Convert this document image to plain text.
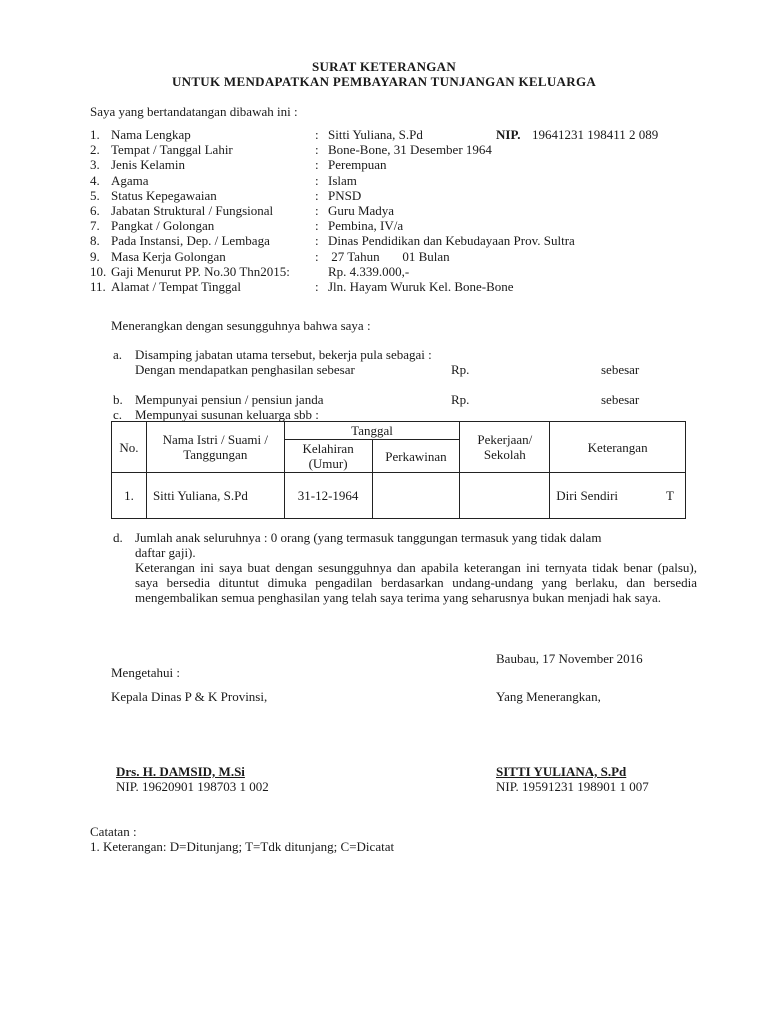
SURAT KETERANGAN
UNTUK MENDAPATKAN PEMBAYARAN TUNJANGAN KELUARGA
Saya yang bertandatangan dibawah ini :
1. Nama Lengkap	: Sitti Yuliana, S.Pd
2. Tempat / Tanggal Lahir	: Bone-Bone, 31 Desember 1964
3. Jenis Kelamin	: Perempuan
4. Agama	: Islam
5. Status Kepegawaian	: PNSD
6. Jabatan Struktural / Fungsional	: Guru Madya
7. Pangkat / Golongan	: Pembina, IV/a
8. Pada Instansi, Dep. / Lembaga	: Dinas Pendidikan dan Kebudayaan Prov. Sultra
9. Masa Kerja Golongan	: 27 Tahun       01 Bulan
10. Gaji Menurut PP. No.30 Thn2015:	Rp. 4.339.000,-
11. Alamat / Tempat Tinggal	: Jln. Hayam Wuruk Kel. Bone-Bone
NIP. 19641231 198411 2 089
Menerangkan dengan sesungguhnya bahwa saya :
a. Disamping jabatan utama tersebut, bekerja pula sebagai :
Dengan mendapatkan penghasilan sebesar	Rp.	sebesar
b. Mempunyai pensiun / pensiun janda	Rp.	sebesar
c. Mempunyai susunan keluarga sbb :
No.	Nama Istri / Suami / Tanggungan	Tanggal		Pekerjaan/ Sekolah	Keterangan
		Kelahiran (Umur)	Perkawinan		
1.	Sitti Yuliana, S.Pd	31-12-1964			Diri Sendiri T
d. Jumlah anak seluruhnya : 0 orang (yang termasuk tanggungan termasuk yang tidak dalam
daftar gaji).
Keterangan ini saya buat dengan sesungguhnya dan apabila keterangan ini ternyata tidak benar (palsu), saya bersedia dituntut dimuka pengadilan berdasarkan undang-undang yang berlaku, dan bersedia mengembalikan semua penghasilan yang telah saya terima yang seharusnya bukan menjadi hak saya.
Baubau, 17 November 2016
Mengetahui :
Kepala Dinas P & K Provinsi,	Yang Menerangkan,
Drs. H. DAMSID, M.Si
NIP. 19620901 198703 1 002
SITTI YULIANA, S.Pd
NIP. 19591231 198901 1 007
Catatan :
1. Keterangan: D=Ditunjang; T=Tdk ditunjang; C=Dicatat
